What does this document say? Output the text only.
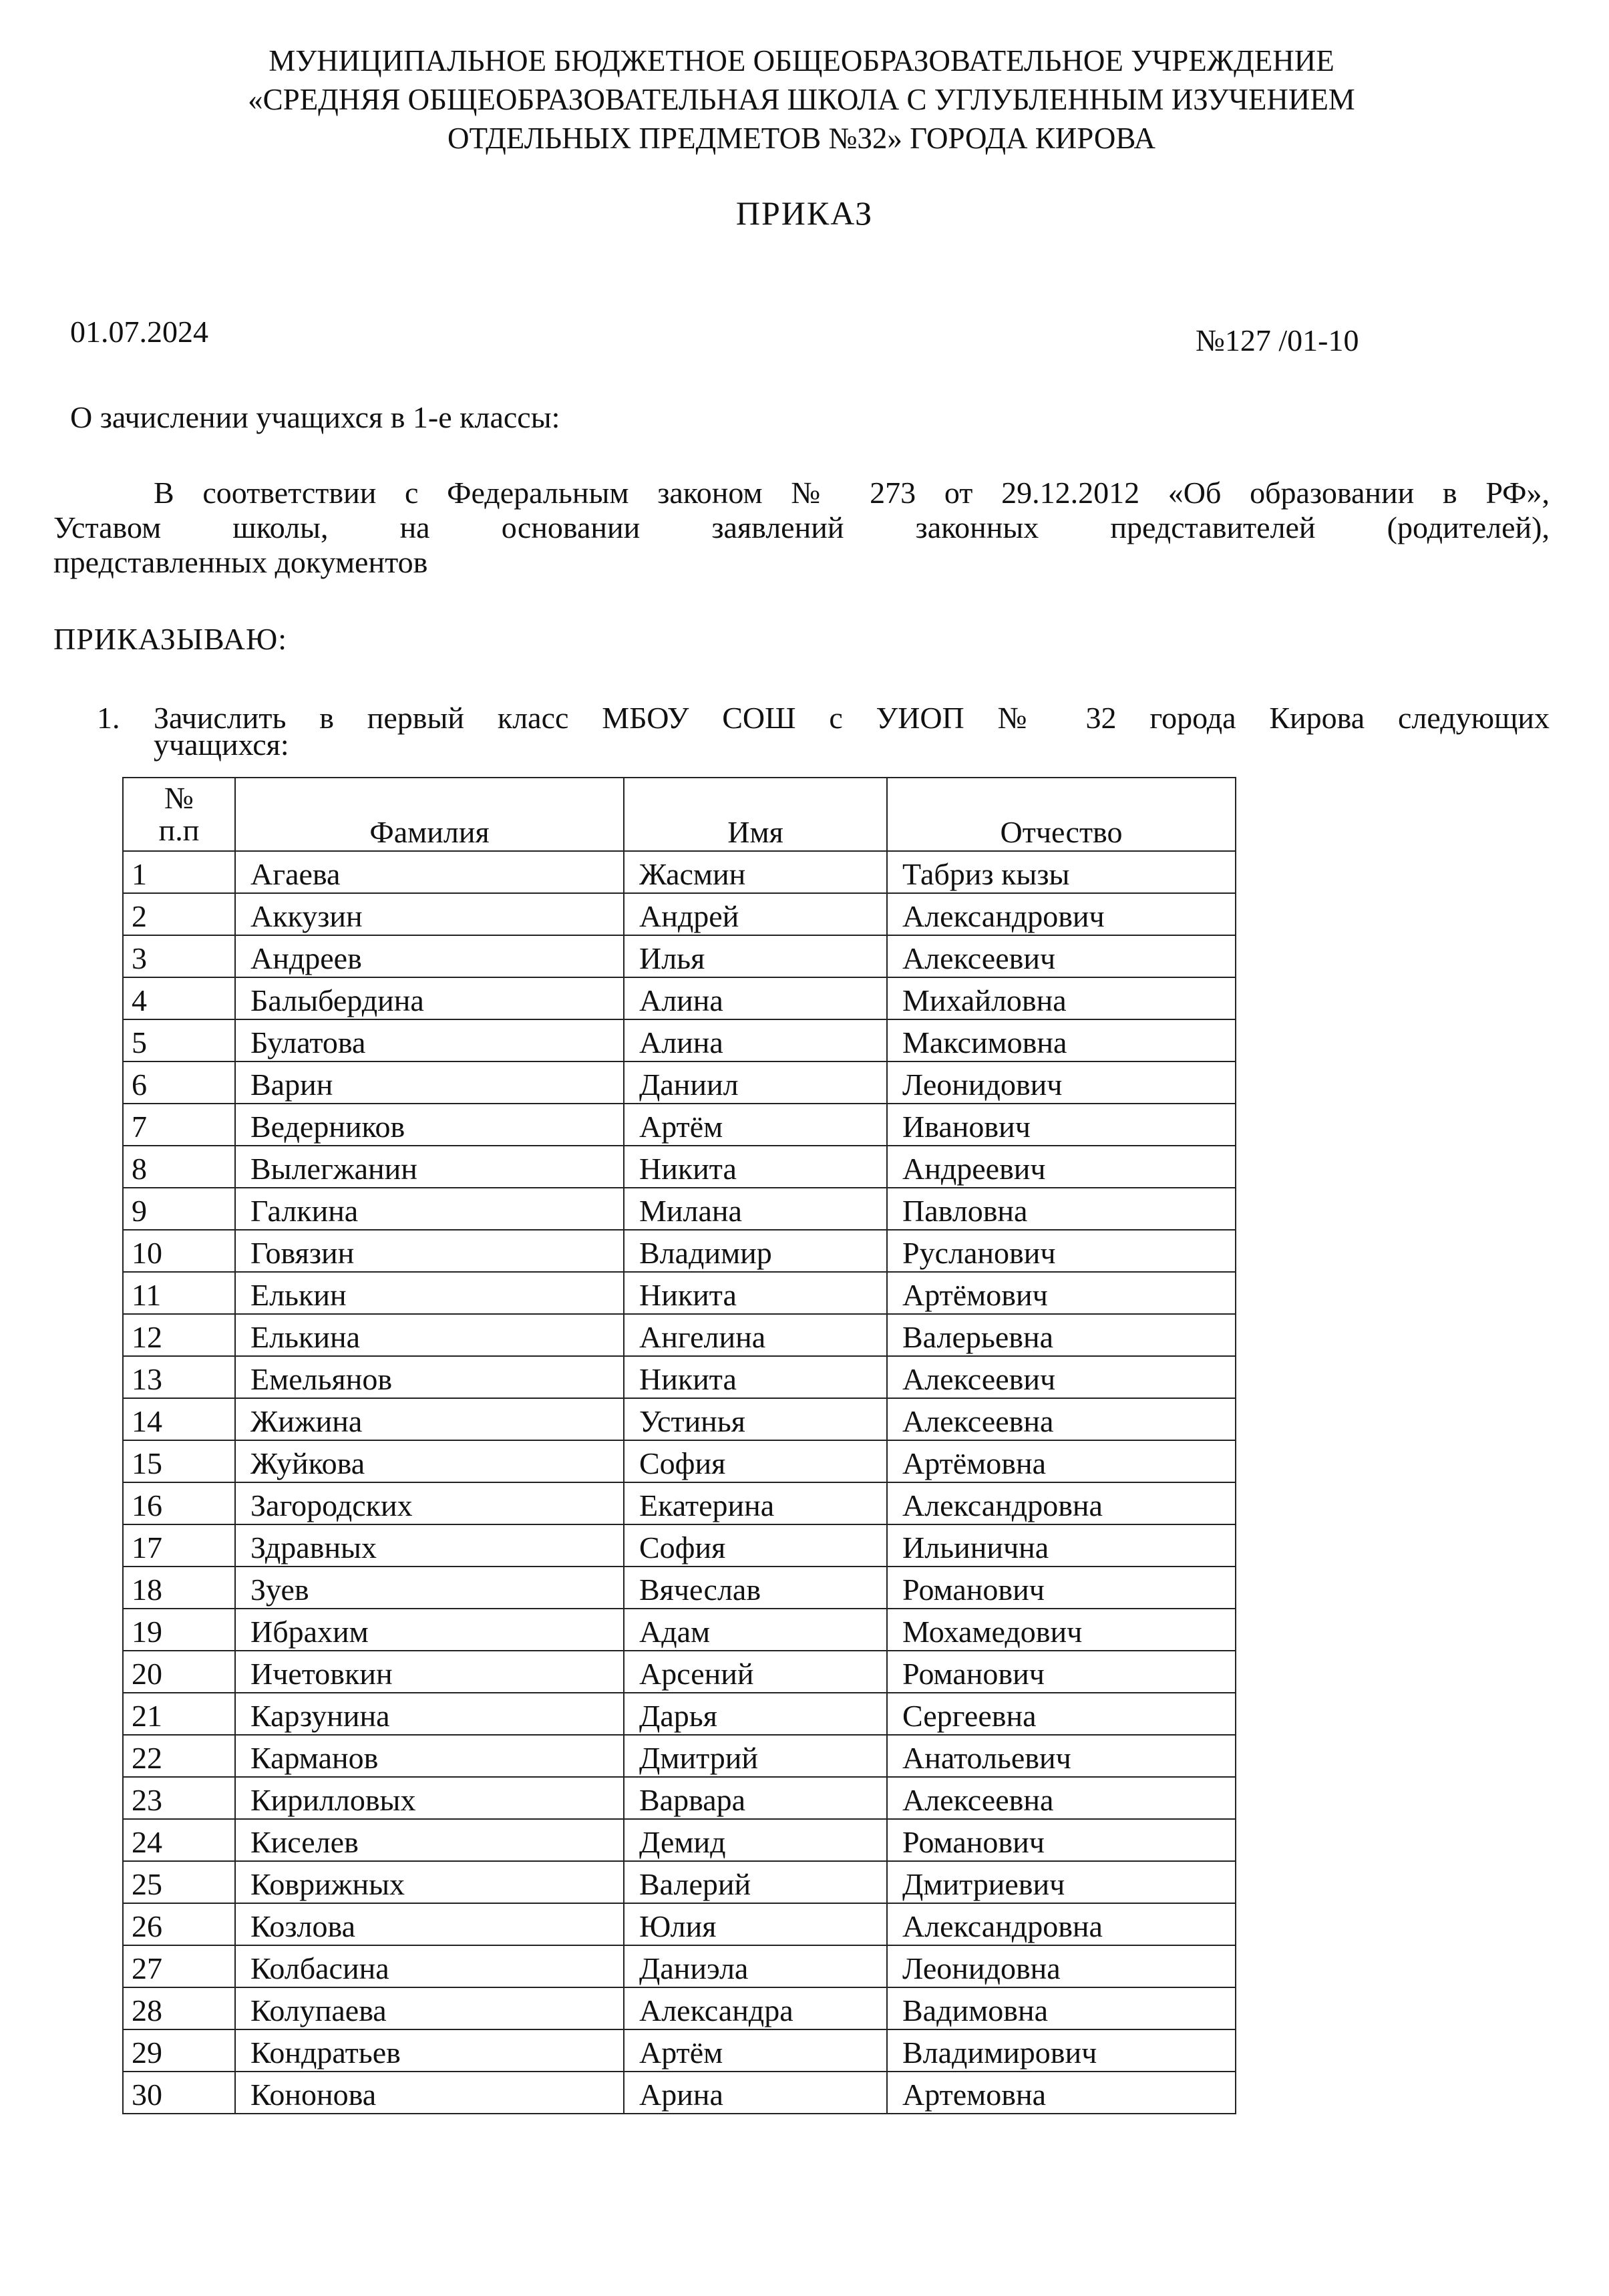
МУНИЦИПАЛЬНОЕ БЮДЖЕТНОЕ ОБЩЕОБРАЗОВАТЕЛЬНОЕ УЧРЕЖДЕНИЕ
«СРЕДНЯЯ ОБЩЕОБРАЗОВАТЕЛЬНАЯ ШКОЛА С УГЛУБЛЕННЫМ ИЗУЧЕНИЕМ
ОТДЕЛЬНЫХ ПРЕДМЕТОВ №32» ГОРОДА КИРОВА
ПРИКАЗ
01.07.2024	№127 /01-10
О зачислении учащихся в 1-е классы:
В соответствии с Федеральным законом № 273 от 29.12.2012 «Об образовании в РФ»,
Уставом школы, на основании заявлений законных представителей (родителей),
представленных документов
ПРИКАЗЫВАЮ:
1. Зачислить в первый класс МБОУ СОШ с УИОП № 32 города Кирова следующих
учащихся:
№
п.п	Фамилия	Имя	Отчество
1	Агаева	Жасмин	Табриз кызы
2	Аккузин	Андрей	Александрович
3	Андреев	Илья	Алексеевич
4	Балыбердина	Алина	Михайловна
5	Булатова	Алина	Максимовна
6	Варин	Даниил	Леонидович
7	Ведерников	Артём	Иванович
8	Вылегжанин	Никита	Андреевич
9	Галкина	Милана	Павловна
10	Говязин	Владимир	Русланович
11	Елькин	Никита	Артёмович
12	Елькина	Ангелина	Валерьевна
13	Емельянов	Никита	Алексеевич
14	Жижина	Устинья	Алексеевна
15	Жуйкова	София	Артёмовна
16	Загородских	Екатерина	Александровна
17	Здравных	София	Ильинична
18	Зуев	Вячеслав	Романович
19	Ибрахим	Адам	Мохамедович
20	Ичетовкин	Арсений	Романович
21	Карзунина	Дарья	Сергеевна
22	Карманов	Дмитрий	Анатольевич
23	Кирилловых	Варвара	Алексеевна
24	Киселев	Демид	Романович
25	Коврижных	Валерий	Дмитриевич
26	Козлова	Юлия	Александровна
27	Колбасина	Даниэла	Леонидовна
28	Колупаева	Александра	Вадимовна
29	Кондратьев	Артём	Владимирович
30	Кононова	Арина	Артемовна
